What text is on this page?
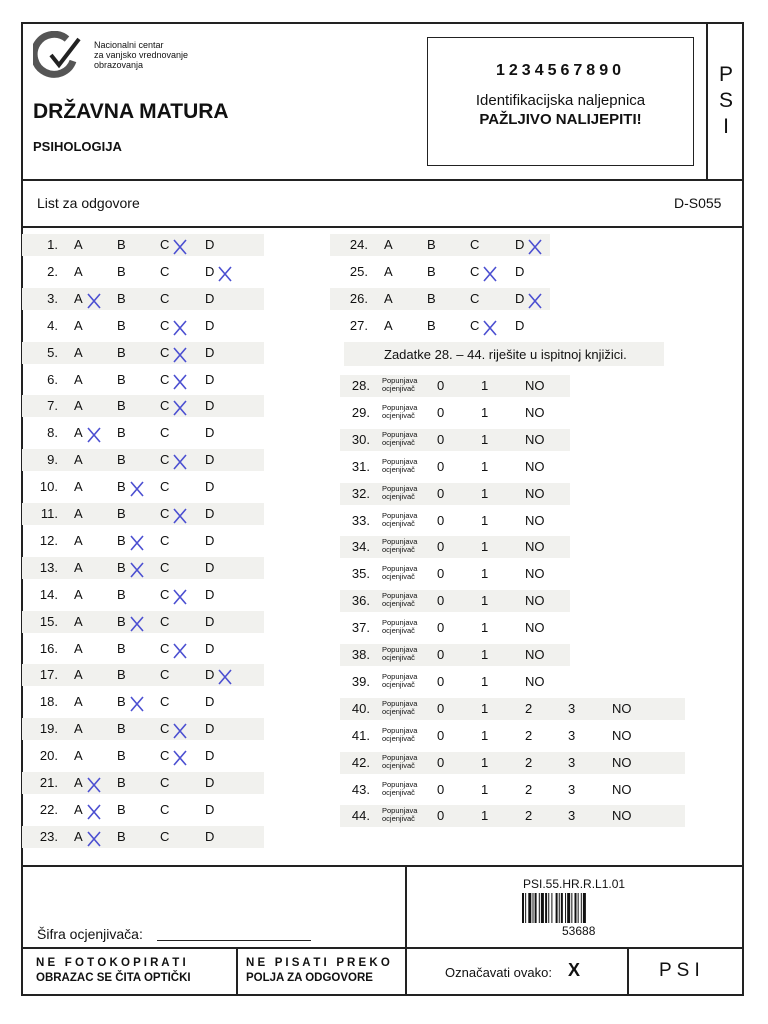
Nacionalni centar
za vanjsko vrednovanje
obrazovanja
DRŽAVNA MATURA
PSIHOLOGIJA
1234567890
Identifikacijska naljepnica
PAŽLJIVO NALIJEPITI!
P
S
I
List za odgovore	D-S055
1. A	B	C	D
2. A	B	C	D
3. A	B	C	D
4. A	B	C	D
5. A	B	C	D
6. A	B	C	D
7. A	B	C	D
8. A	B	C	D
9. A	B	C	D
10. A	B	C	D
11. A	B	C	D
12. A	B	C	D
13. A	B	C	D
14. A	B	C	D
15. A	B	C	D
16. A	B	C	D
17. A	B	C	D
18. A	B	C	D
19. A	B	C	D
20. A	B	C	D
21. A	B	C	D
22. A	B	C	D
23. A	B	C	D
24. A	B	C	D
25. A	B	C	D
26. A	B	C	D
27. A	B	C	D
28. Popunjava
ocjenjivač 0	1	NO
29. Popunjava
ocjenjivač 0	1	NO
30. Popunjava
ocjenjivač 0	1	NO
31. Popunjava
ocjenjivač 0	1	NO
32. Popunjava
ocjenjivač 0	1	NO
33. Popunjava
ocjenjivač 0	1	NO
34. Popunjava
ocjenjivač 0	1	NO
35. Popunjava
ocjenjivač 0	1	NO
36. Popunjava
ocjenjivač 0	1	NO
37. Popunjava
ocjenjivač 0	1	NO
38. Popunjava
ocjenjivač 0	1	NO
39. Popunjava
ocjenjivač 0	1	NO
40. Popunjava
ocjenjivač 0	1	2	3	NO
41. Popunjava
ocjenjivač 0	1	2	3	NO
42. Popunjava
ocjenjivač 0	1	2	3	NO
43. Popunjava
ocjenjivač 0	1	2	3	NO
44. Popunjava
ocjenjivač 0	1	2	3	NO
Zadatke 28. – 44. riješite u ispitnoj knjižici.
Šifra ocjenjivača:
PSI.55.HR.R.L1.01
53688
N E   F O T O K O P I R A T I
OBRAZAC SE ČITA OPTIČKI
N E   P I S A T I   P R E K O
POLJA ZA ODGOVORE	Označavati ovako: X	P S I
